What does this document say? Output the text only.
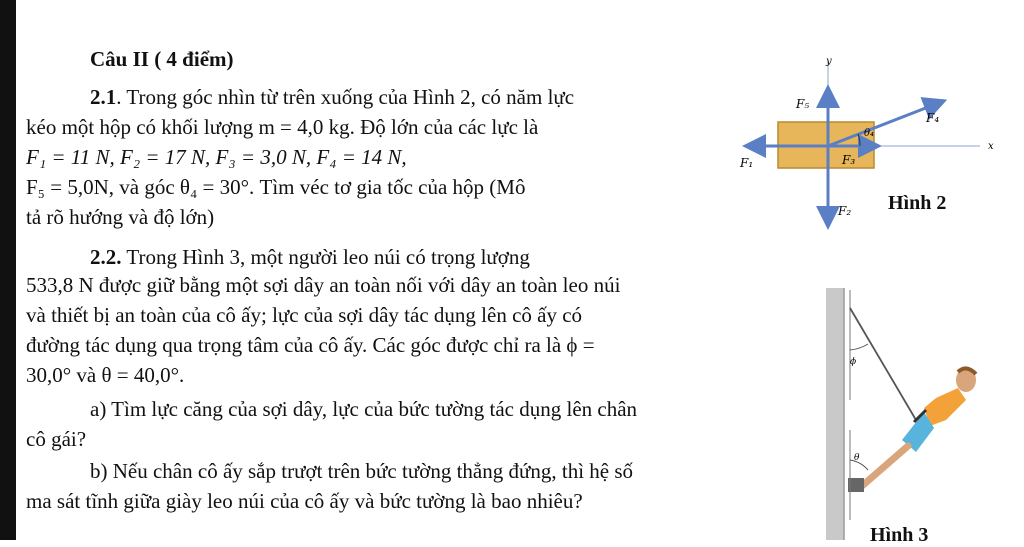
Câu II ( 4 điểm)
2.1. Trong góc nhìn từ trên xuống của Hình 2, có năm lực
kéo một hộp có khối lượng m = 4,0 kg. Độ lớn của các lực là
F₁ = 11 N, F₂ = 17 N, F₃ = 3,0 N, F₄ = 14 N,
F₅ = 5,0N, và góc θ₄ = 30°. Tìm véc tơ gia tốc của hộp (Mô
tả rõ hướng và độ lớn)
2.2. Trong Hình 3, một người leo núi có trọng lượng
533,8 N được giữ bằng một sợi dây an toàn nối với dây an toàn leo núi
và thiết bị an toàn của cô ấy; lực của sợi dây tác dụng lên cô ấy có
đường tác dụng qua trọng tâm của cô ấy. Các góc được chỉ ra là ϕ =
30,0° và θ = 40,0°.
a) Tìm lực căng của sợi dây, lực của bức tường tác dụng lên chân
cô gái?
b) Nếu chân cô ấy sắp trượt trên bức tường thẳng đứng, thì hệ số
ma sát tĩnh giữa giày leo núi của cô ấy và bức tường là bao nhiêu?
y
x
F₅
F₄
F₁	F₃
F₂
θ₄
Hình 2
ϕ
θ
Hình 3
